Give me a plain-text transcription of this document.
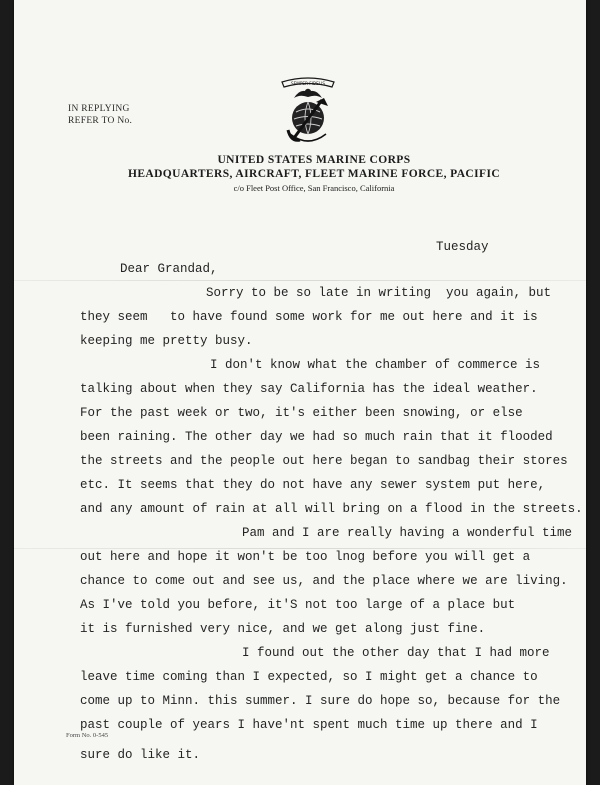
IN REPLYING
REFER TO No.
SEMPER FIDELIS
UNITED STATES MARINE CORPS
HEADQUARTERS, AIRCRAFT, FLEET MARINE FORCE, PACIFIC
c/o Fleet Post Office, San Francisco, California
Tuesday
Dear Grandad,
Sorry to be so late in writing  you again, but
they seem   to have found some work for me out here and it is
keeping me pretty busy.
I don't know what the chamber of commerce is
talking about when they say California has the ideal weather.
For the past week or two, it's either been snowing, or else
been raining. The other day we had so much rain that it flooded
the streets and the people out here began to sandbag their stores
etc. It seems that they do not have any sewer system put here,
and any amount of rain at all will bring on a flood in the streets.
Pam and I are really having a wonderful time
out here and hope it won't be too lnog before you will get a
chance to come out and see us, and the place where we are living.
As I've told you before, it'S not too large of a place but
it is furnished very nice, and we get along just fine.
I found out the other day that I had more
leave time coming than I expected, so I might get a chance to
come up to Minn. this summer. I sure do hope so, because for the
past couple of years I have'nt spent much time up there and I
sure do like it.
Form No. 0-545
